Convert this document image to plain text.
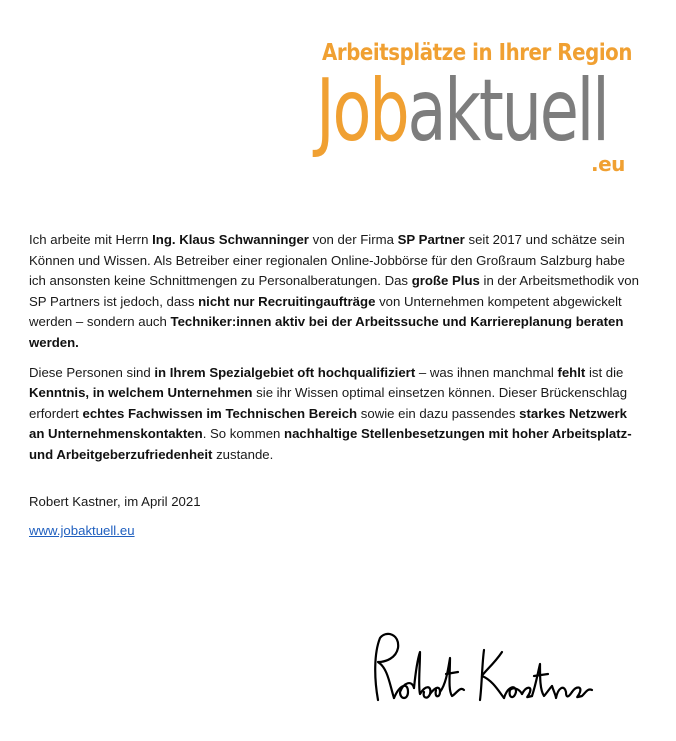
Arbeitsplätze in Ihrer Region
Jobaktuell
.eu

Ich arbeite mit Herrn Ing. Klaus Schwanninger von der Firma SP Partner seit 2017 und schätze sein Können und Wissen. Als Betreiber einer regionalen Online-Jobbörse für den Großraum Salzburg habe ich ansonsten keine Schnittmengen zu Personalberatungen. Das große Plus in der Arbeitsmethodik von SP Partners ist jedoch, dass nicht nur Recruitingaufträge von Unternehmen kompetent abgewickelt werden – sondern auch Techniker:innen aktiv bei der Arbeitssuche und Karriereplanung beraten werden.

Diese Personen sind in Ihrem Spezialgebiet oft hochqualifiziert – was ihnen manchmal fehlt ist die Kenntnis, in welchem Unternehmen sie ihr Wissen optimal einsetzen können. Dieser Brückenschlag erfordert echtes Fachwissen im Technischen Bereich sowie ein dazu passendes starkes Netzwerk an Unternehmenskontakten. So kommen nachhaltige Stellenbesetzungen mit hoher Arbeitsplatz- und Arbeitgeberzufriedenheit zustande.

Robert Kastner, im April 2021

www.jobaktuell.eu
